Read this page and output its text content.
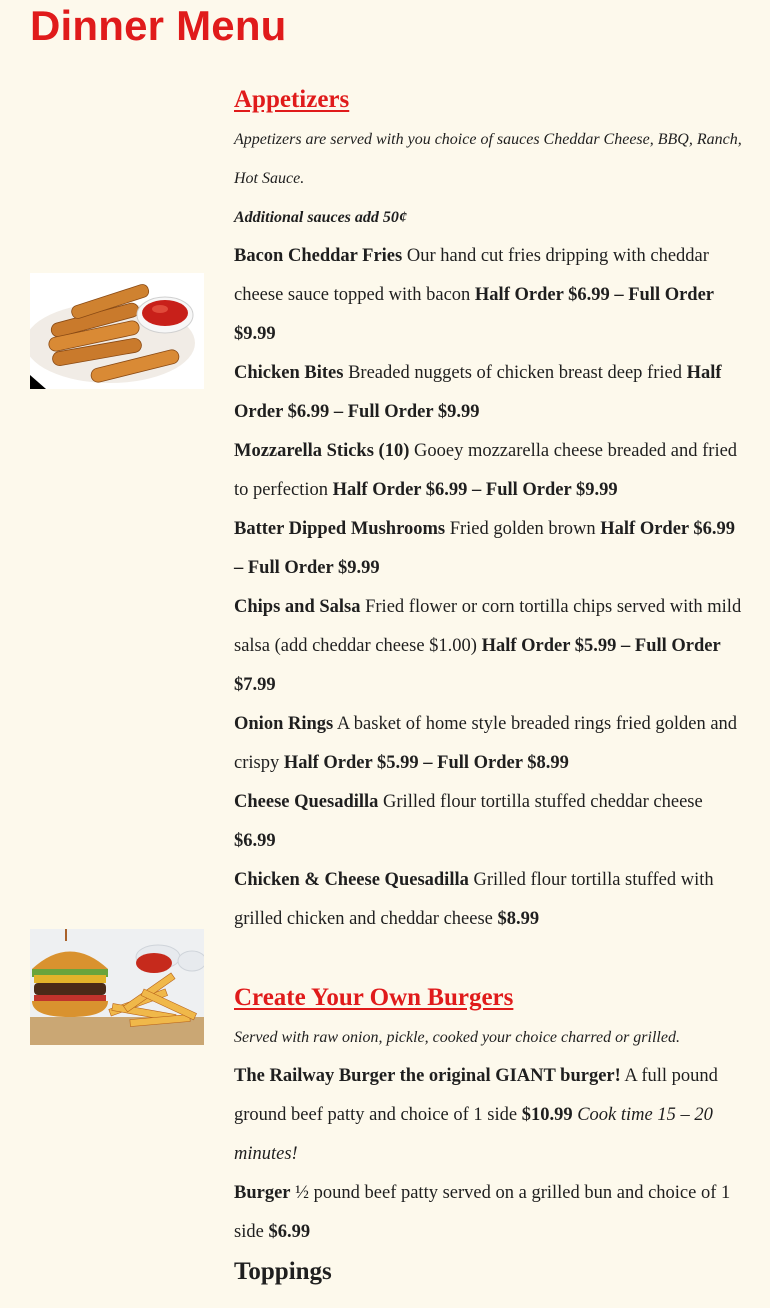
Dinner Menu
Appetizers

Appetizers are served with you choice of sauces Cheddar Cheese, BBQ, Ranch, Hot Sauce.

Additional sauces add 50¢

Bacon Cheddar Fries Our hand cut fries dripping with cheddar cheese sauce topped with bacon Half Order $6.99 – Full Order $9.99

Chicken Bites Breaded nuggets of chicken breast deep fried Half Order $6.99 – Full Order $9.99

Mozzarella Sticks (10) Gooey mozzarella cheese breaded and fried to perfection Half Order $6.99 – Full Order $9.99

Batter Dipped Mushrooms Fried golden brown Half Order $6.99 – Full Order $9.99

Chips and Salsa Fried flower or corn tortilla chips served with mild salsa (add cheddar cheese $1.00) Half Order $5.99 – Full Order $7.99

Onion Rings A basket of home style breaded rings fried golden and crispy Half Order $5.99 – Full Order $8.99

Cheese Quesadilla Grilled flour tortilla stuffed cheddar cheese $6.99

Chicken & Cheese Quesadilla Grilled flour tortilla stuffed with grilled chicken and cheddar cheese $8.99

Create Your Own Burgers

Served with raw onion, pickle, cooked your choice charred or grilled.

The Railway Burger the original GIANT burger! A full pound ground beef patty and choice of 1 side $10.99 Cook time 15 – 20 minutes!

Burger ½ pound beef patty served on a grilled bun and choice of 1 side $6.99

Toppings
